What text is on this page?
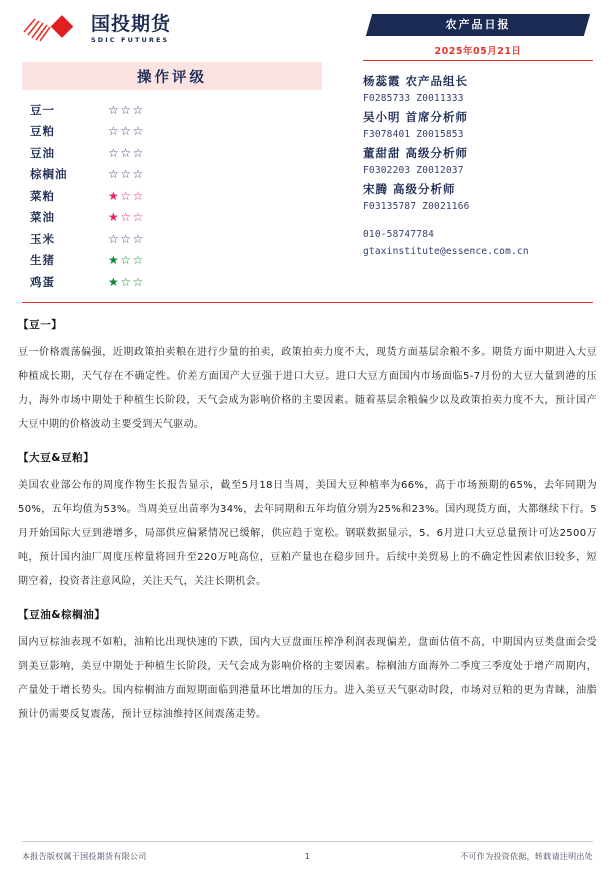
国投期货
SDIC FUTURES
农产品日报
2025年05月21日
操作评级
豆一	☆☆☆
豆粕	☆☆☆
豆油	☆☆☆
棕榈油	☆☆☆
菜粕	★☆☆
菜油	★☆☆
玉米	☆☆☆
生猪	★☆☆
鸡蛋	★☆☆
杨蕊霞 农产品组长
F0285733 Z0011333
吴小明 首席分析师
F3078401 Z0015853
董甜甜 高级分析师
F0302203 Z0012037
宋腾 高级分析师
F03135787 Z0021166
010-58747784
gtaxinstitute@essence.com.cn
【豆一】
豆一价格震荡偏强，近期政策拍卖粮在进行少量的拍卖，政策拍卖力度不大，现货方面基层余粮不多。期货方面中期进入大豆种植成长期，天气存在不确定性。价差方面国产大豆强于进口大豆。进口大豆方面国内市场面临5-7月份的大豆大量到港的压力，海外市场中期处于种植生长阶段，天气会成为影响价格的主要因素。随着基层余粮偏少以及政策拍卖力度不大，预计国产大豆中期的价格波动主要受到天气驱动。
【大豆&豆粕】
美国农业部公布的周度作物生长报告显示，截至5月18日当周，美国大豆种植率为66%，高于市场预期的65%，去年同期为50%，五年均值为53%。当周美豆出苗率为34%，去年同期和五年均值分别为25%和23%。国内现货方面，大都继续下行。5月开始国际大豆到港增多，局部供应偏紧情况已缓解，供应趋于宽松。钢联数据显示，5、6月进口大豆总量预计可达2500万吨，预计国内油厂周度压榨量将回升至220万吨高位，豆粕产量也在稳步回升。后续中美贸易上的不确定性因素依旧较多，短期空着，投资者注意风险，关注天气，关注长期机会。
【豆油&棕榈油】
国内豆棕油表现不如粕，油粕比出现快速的下跌，国内大豆盘面压榨净利润表现偏差，盘面估值不高，中期国内豆类盘面会受到美豆影响，美豆中期处于种植生长阶段，天气会成为影响价格的主要因素。棕榈油方面海外二季度三季度处于增产周期内，产量处于增长势头。国内棕榈油方面短期面临到港量环比增加的压力。进入美豆天气驱动时段，市场对豆粕的更为青睐，油脂预计仍需要反复震荡，预计豆棕油维持区间震荡走势。
本报告版权属于国投期货有限公司	1	不可作为投资依据，转载请注明出处
